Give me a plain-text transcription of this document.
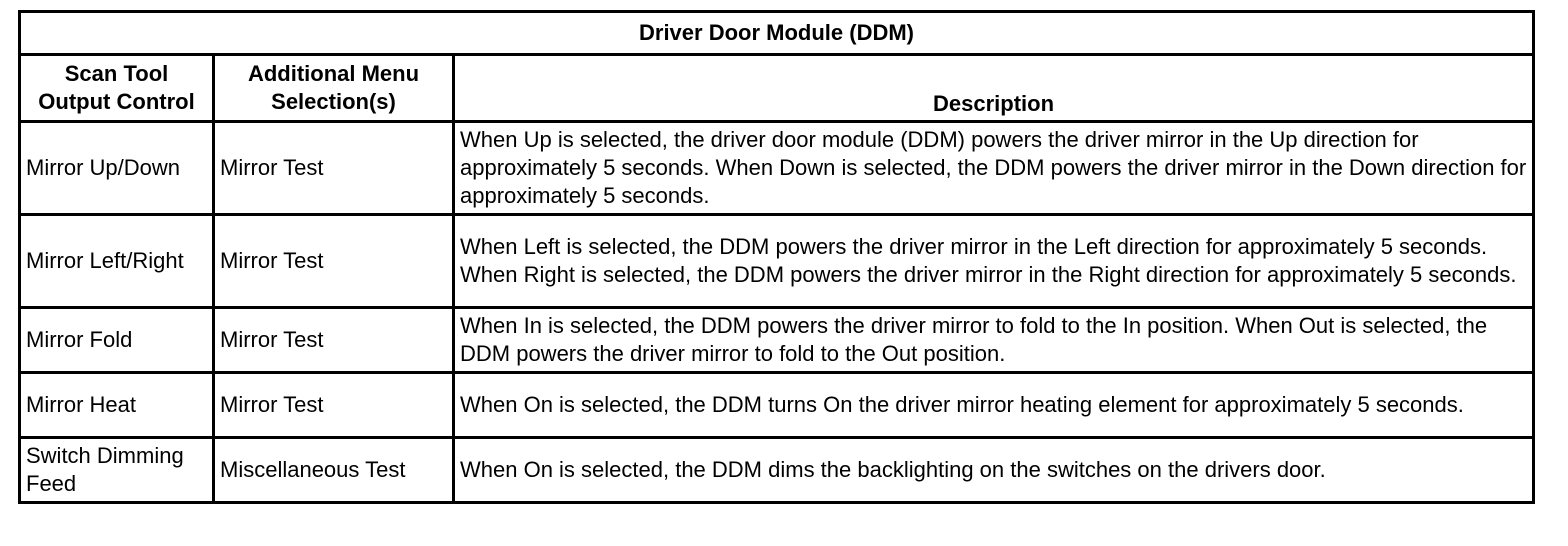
Driver Door Module (DDM)		
Scan Tool Output Control	Additional Menu Selection(s)	Description
Mirror Up/Down	Mirror Test	When Up is selected, the driver door module (DDM) powers the driver mirror in the Up direction for approximately 5 seconds. When Down is selected, the DDM powers the driver mirror in the Down direction for approximately 5 seconds.
Mirror Left/Right	Mirror Test	When Left is selected, the DDM powers the driver mirror in the Left direction for approximately 5 seconds. When Right is selected, the DDM powers the driver mirror in the Right direction for approximately 5 seconds.
Mirror Fold	Mirror Test	When In is selected, the DDM powers the driver mirror to fold to the In position. When Out is selected, the DDM powers the driver mirror to fold to the Out position.
Mirror Heat	Mirror Test	When On is selected, the DDM turns On the driver mirror heating element for approximately 5 seconds.
Switch Dimming Feed	Miscellaneous Test	When On is selected, the DDM dims the backlighting on the switches on the drivers door.
